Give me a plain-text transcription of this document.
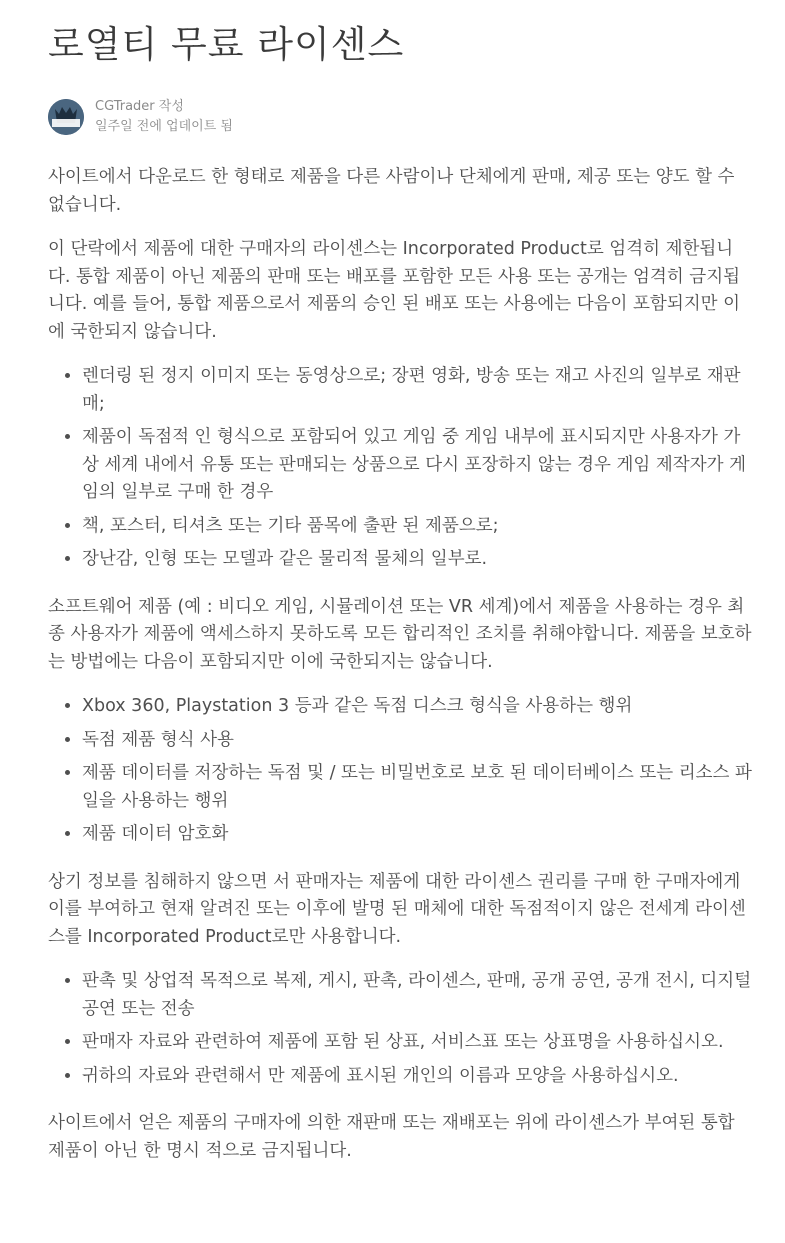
로열티 무료 라이센스
CGTrader 작성
일주일 전에 업데이트 됨

사이트에서 다운로드 한 형태로 제품을 다른 사람이나 단체에게 판매, 제공 또는 양도 할 수 없습니다.

이 단락에서 제품에 대한 구매자의 라이센스는 Incorporated Product로 엄격히 제한됩니다. 통합 제품이 아닌 제품의 판매 또는 배포를 포함한 모든 사용 또는 공개는 엄격히 금지됩니다. 예를 들어, 통합 제품으로서 제품의 승인 된 배포 또는 사용에는 다음이 포함되지만 이에 국한되지 않습니다.

• 렌더링 된 정지 이미지 또는 동영상으로; 장편 영화, 방송 또는 재고 사진의 일부로 재판매;
• 제품이 독점적 인 형식으로 포함되어 있고 게임 중 게임 내부에 표시되지만 사용자가 가상 세계 내에서 유통 또는 판매되는 상품으로 다시 포장하지 않는 경우 게임 제작자가 게임의 일부로 구매 한 경우
• 책, 포스터, 티셔츠 또는 기타 품목에 출판 된 제품으로;
• 장난감, 인형 또는 모델과 같은 물리적 물체의 일부로.

소프트웨어 제품 (예 : 비디오 게임, 시뮬레이션 또는 VR 세계)에서 제품을 사용하는 경우 최종 사용자가 제품에 액세스하지 못하도록 모든 합리적인 조치를 취해야합니다. 제품을 보호하는 방법에는 다음이 포함되지만 이에 국한되지는 않습니다.

• Xbox 360, Playstation 3 등과 같은 독점 디스크 형식을 사용하는 행위
• 독점 제품 형식 사용
• 제품 데이터를 저장하는 독점 및 / 또는 비밀번호로 보호 된 데이터베이스 또는 리소스 파일을 사용하는 행위
• 제품 데이터 암호화

상기 정보를 침해하지 않으면 서 판매자는 제품에 대한 라이센스 권리를 구매 한 구매자에게이를 부여하고 현재 알려진 또는 이후에 발명 된 매체에 대한 독점적이지 않은 전세계 라이센스를 Incorporated Product로만 사용합니다.

• 판촉 및 상업적 목적으로 복제, 게시, 판촉, 라이센스, 판매, 공개 공연, 공개 전시, 디지털 공연 또는 전송
• 판매자 자료와 관련하여 제품에 포함 된 상표, 서비스표 또는 상표명을 사용하십시오.
• 귀하의 자료와 관련해서 만 제품에 표시된 개인의 이름과 모양을 사용하십시오.

사이트에서 얻은 제품의 구매자에 의한 재판매 또는 재배포는 위에 라이센스가 부여된 통합 제품이 아닌 한 명시 적으로 금지됩니다.
